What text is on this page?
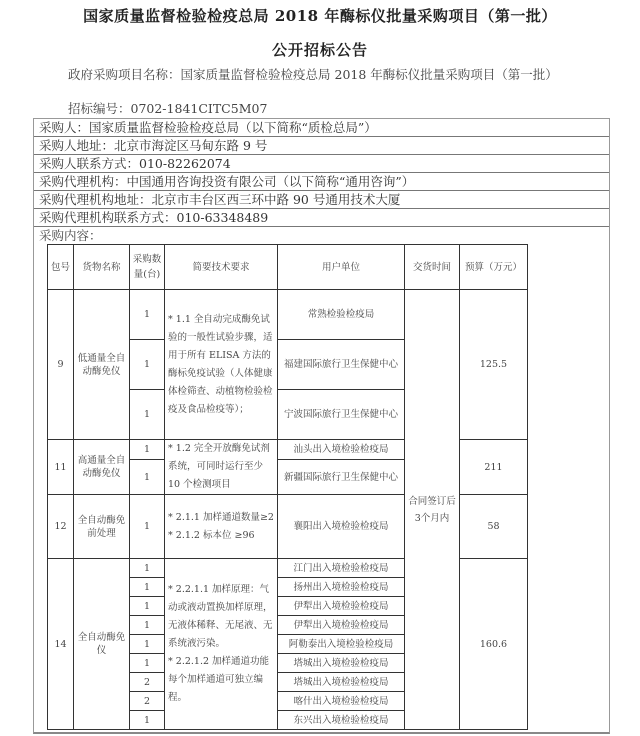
国家质量监督检验检疫总局 2018 年酶标仪批量采购项目（第一批）
公开招标公告
政府采购项目名称： 国家质量监督检验检疫总局 2018 年酶标仪批量采购项目（第一批）
招标编号：0702-1841CITC5M07
采购人：国家质量监督检验检疫总局（以下简称“质检总局”）
采购人地址：北京市海淀区马甸东路 9 号
采购人联系方式：010-82262074
采购代理机构：中国通用咨询投资有限公司（以下简称“通用咨询”）
采购代理机构地址：北京市丰台区西三环中路 90 号通用技术大厦
采购代理机构联系方式：010-63348489
采购内容：
包号	货物名称	采购数量(台)	简要技术要求	用户单位	交货时间	预算（万元）
9	低通量全自动酶免仪	1	* 1.1 全自动完成酶免试验的一般性试验步骤，适用于所有 ELISA 方法的酶标免疫试验（人体健康体检筛查、动植物检验检疫及食品检疫等）；	常熟检验检疫局	合同签订后3个月内	125.5
		1		福建国际旅行卫生保健中心		
		1		宁波国际旅行卫生保健中心		
11	高通量全自动酶免仪	1	* 1.2 完全开放酶免试剂系统，可同时运行至少 10 个检测项目	汕头出入境检验检疫局		211
		1		新疆国际旅行卫生保健中心		
12	全自动酶免前处理	1	* 2.1.1 加样通道数量≥2
* 2.1.2 标本位 ≥96	襄阳出入境检验检疫局		58
14	全自动酶免仪	1	* 2.2.1.1 加样原理：气动或液动置换加样原理，无液体稀释、无尾液、无系统液污染。
* 2.2.1.2 加样通道功能每个加样通道可独立编程。	江门出入境检验检疫局		160.6
		1		扬州出入境检验检疫局		
		1		伊犁出入境检验检疫局		
		1		伊犁出入境检验检疫局		
		1		阿勒泰出入境检验检疫局		
		1		塔城出入境检验检疫局		
		2		塔城出入境检验检疫局		
		2		喀什出入境检验检疫局		
		1		东兴出入境检验检疫局		
